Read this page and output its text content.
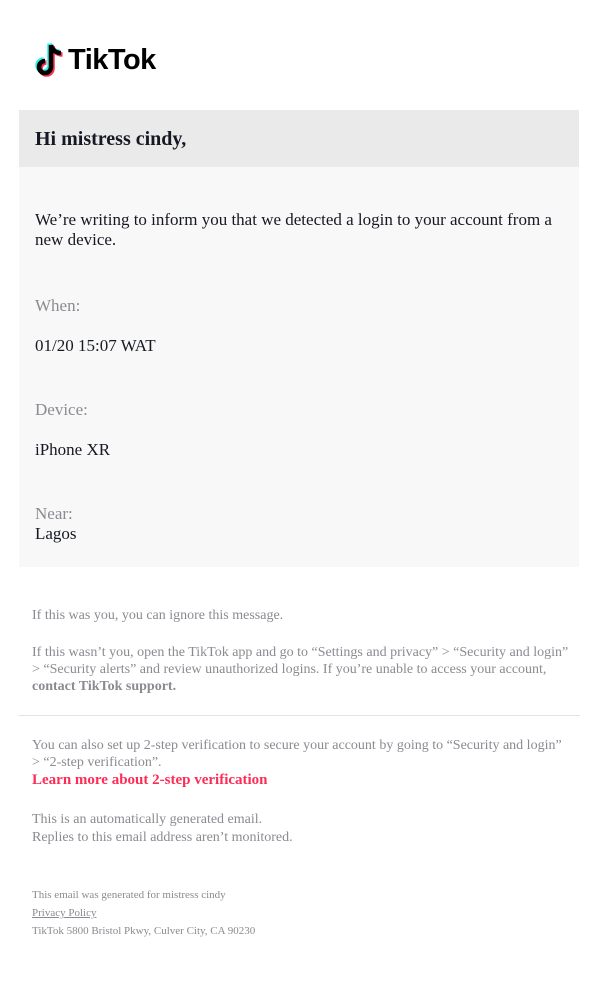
TikTok
Hi mistress cindy,
We’re writing to inform you that we detected a login to your account from a new device.
When:
01/20 15:07 WAT
Device:
iPhone XR
Near:
Lagos
If this was you, you can ignore this message.
If this wasn’t you, open the TikTok app and go to “Settings and privacy” > “Security and login” > “Security alerts” and review unauthorized logins. If you’re unable to access your account, contact TikTok support.
You can also set up 2-step verification to secure your account by going to “Security and login” > “2-step verification”.
Learn more about 2-step verification
This is an automatically generated email.
Replies to this email address aren’t monitored.
This email was generated for mistress cindy
Privacy Policy
TikTok 5800 Bristol Pkwy, Culver City, CA 90230
